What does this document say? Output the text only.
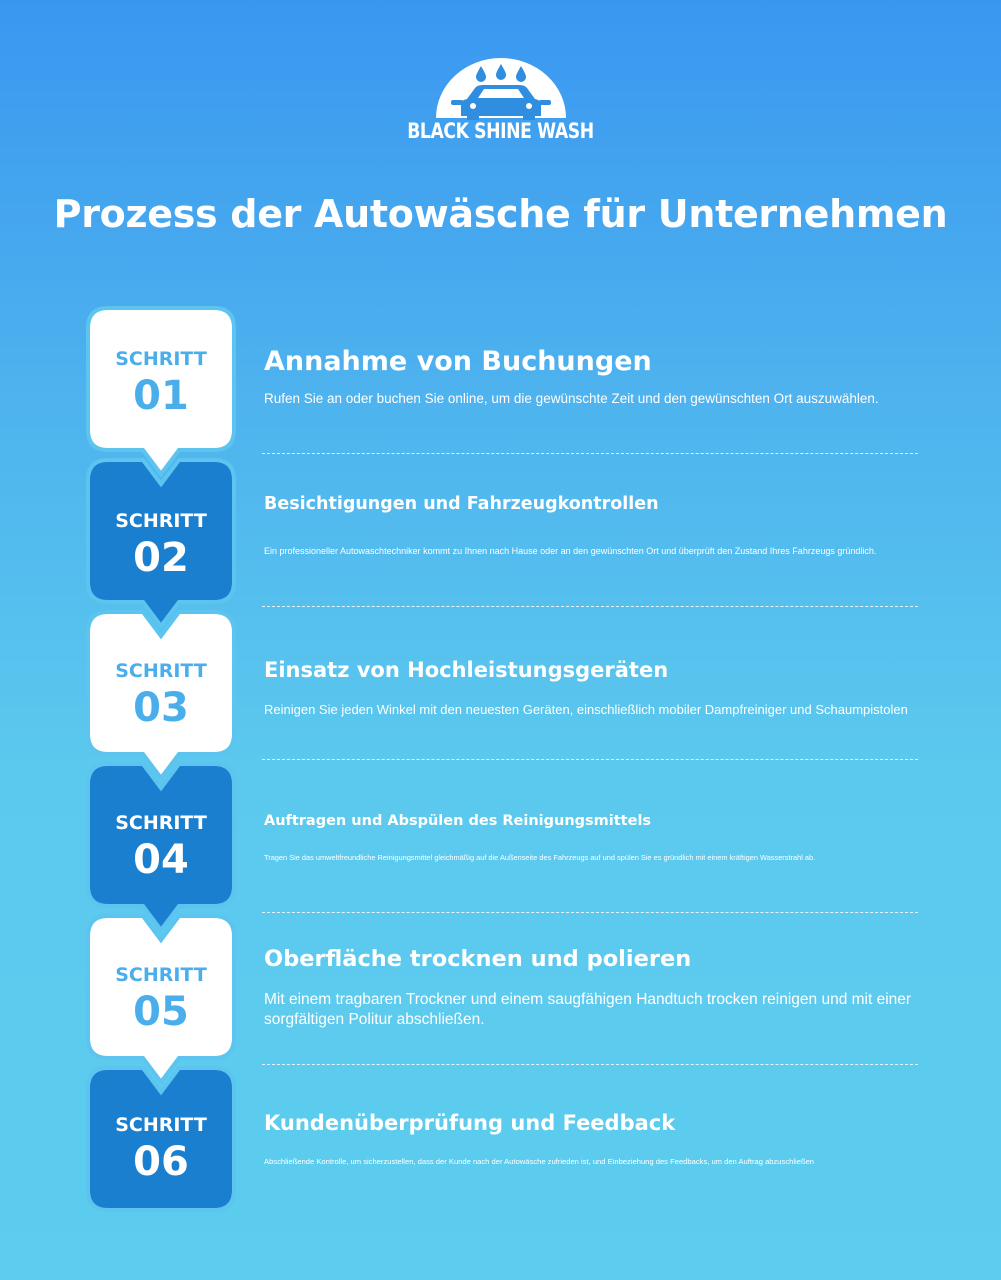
BLACK SHINE WASH
Prozess der Autowäsche für Unternehmen
SCHRITT
01
SCHRITT
02
SCHRITT
03
SCHRITT
04
SCHRITT
05
SCHRITT
06
Annahme von Buchungen

Rufen Sie an oder buchen Sie online, um die gewünschte Zeit und den gewünschten Ort auszuwählen.

Besichtigungen und Fahrzeugkontrollen

Ein professioneller Autowaschtechniker kommt zu Ihnen nach Hause oder an den gewünschten Ort und überprüft den Zustand Ihres Fahrzeugs gründlich.

Einsatz von Hochleistungsgeräten

Reinigen Sie jeden Winkel mit den neuesten Geräten, einschließlich mobiler Dampfreiniger und Schaumpistolen

Auftragen und Abspülen des Reinigungsmittels

Tragen Sie das umweltfreundliche Reinigungsmittel gleichmäßig auf die Außenseite des Fahrzeugs auf und spülen Sie es gründlich mit einem kräftigen Wasserstrahl ab.

Oberfläche trocknen und polieren

Mit einem tragbaren Trockner und einem saugfähigen Handtuch trocken reinigen und mit einer sorgfältigen Politur abschließen.

Kundenüberprüfung und Feedback

Abschließende Kontrolle, um sicherzustellen, dass der Kunde nach der Autowäsche zufrieden ist, und Einbeziehung des Feedbacks, um den Auftrag abzuschließen
